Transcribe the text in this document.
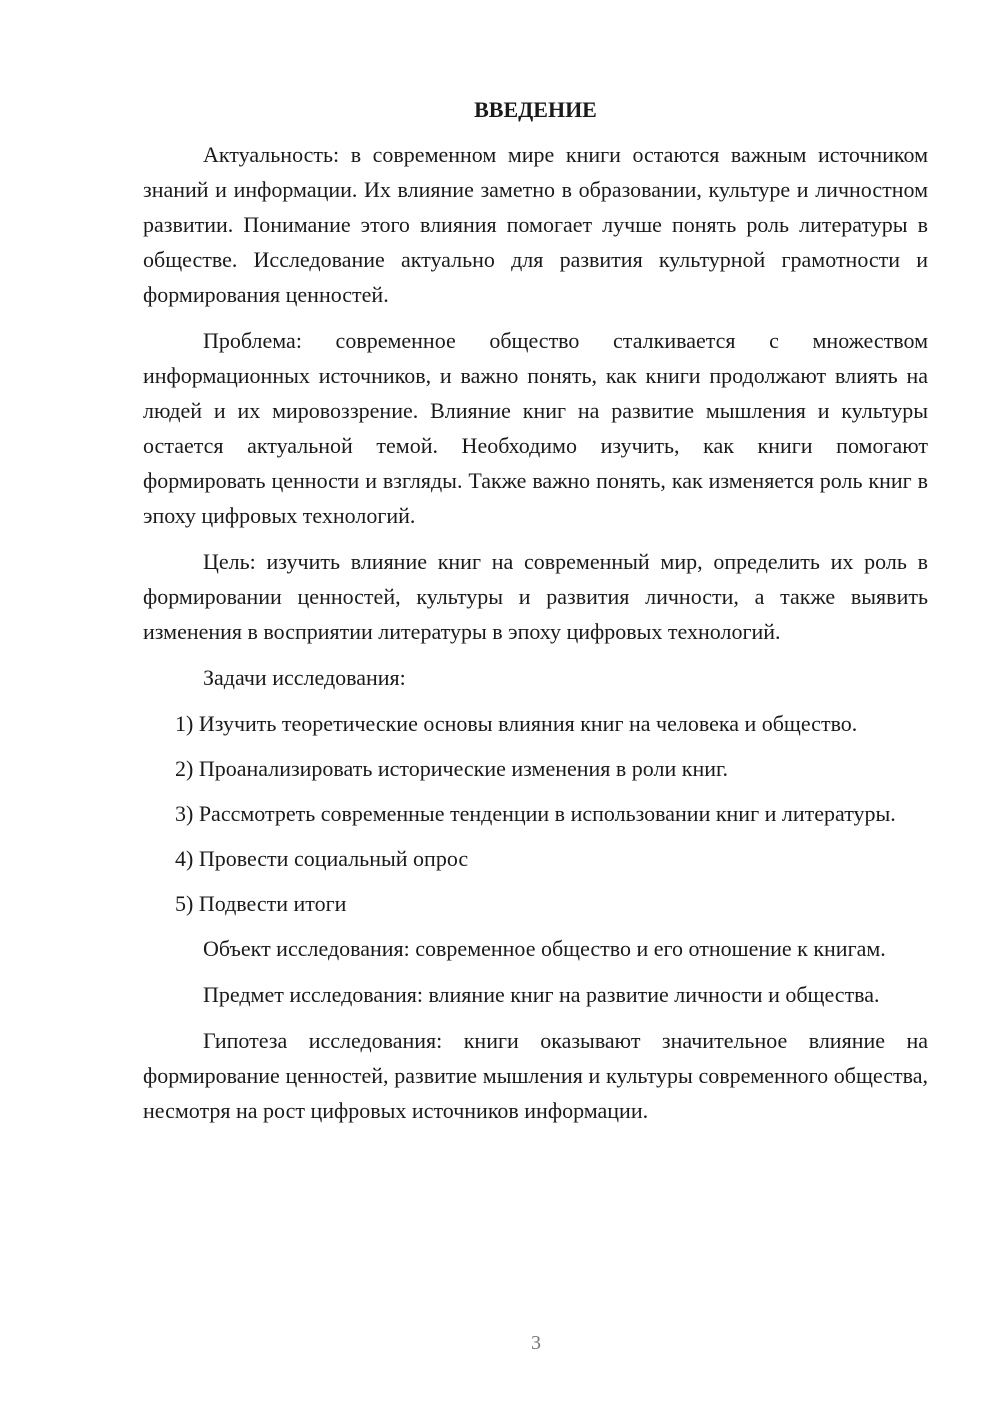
ВВЕДЕНИЕ

Актуальность: в современном мире книги остаются важным источником знаний и информации. Их влияние заметно в образовании, культуре и личностном развитии. Понимание этого влияния помогает лучше понять роль литературы в обществе. Исследование актуально для развития культурной грамотности и формирования ценностей.

Проблема: современное общество сталкивается с множеством информационных источников, и важно понять, как книги продолжают влиять на людей и их мировоззрение. Влияние книг на развитие мышления и культуры остается актуальной темой. Необходимо изучить, как книги помогают формировать ценности и взгляды. Также важно понять, как изменяется роль книг в эпоху цифровых технологий.

Цель: изучить влияние книг на современный мир, определить их роль в формировании ценностей, культуры и развития личности, а также выявить изменения в восприятии литературы в эпоху цифровых технологий.

Задачи исследования:

1) Изучить теоретические основы влияния книг на человека и общество.

2) Проанализировать исторические изменения в роли книг.

3) Рассмотреть современные тенденции в использовании книг и литературы.

4) Провести социальный опрос

5) Подвести итоги

Объект исследования: современное общество и его отношение к книгам.

Предмет исследования: влияние книг на развитие личности и общества.

Гипотеза исследования: книги оказывают значительное влияние на формирование ценностей, развитие мышления и культуры современного общества, несмотря на рост цифровых источников информации.

3
